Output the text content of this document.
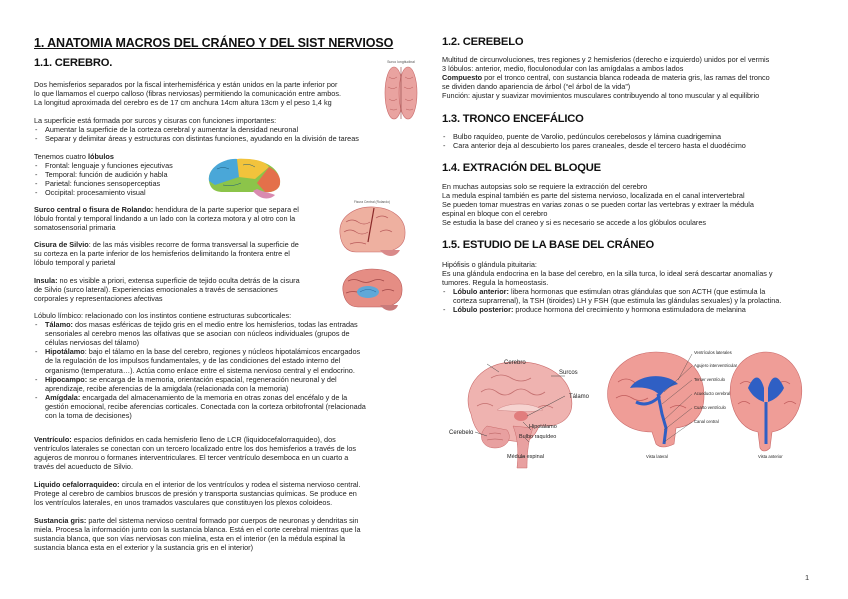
1. ANATOMIA MACROS DEL CRÁNEO Y DEL SIST NERVIOSO
1.1. CEREBRO.

Dos hemisferios separados por la fiscal interhemisférica y están unidos en la parte inferior por

lo que llamamos el cuerpo calloso (fibras nerviosas) permitiendo la comunicación entre ambos.

La longitud aproximada del cerebro es de 17 cm anchura 14cm altura 13cm y el peso 1,4 kg

La superficie está formada por surcos y cisuras con funciones importantes:

- Aumentar la superficie de la corteza cerebral y aumentar la densidad neuronal
- Separar y delimitar áreas y estructuras con distintas funciones, ayudando en la división de tareas

Tenemos cuatro lóbulos

- Frontal: lenguaje y funciones ejecutivas
- Temporal: función de audición y habla
- Parietal: funciones sensoperceptias
- Occipital: procesamiento visual

Surco central o fisura de Rolando: hendidura de la parte superior que separa el

lóbulo frontal y temporal lindando a un lado con la corteza motora y al otro con la

somatosensorial primaria

Cisura de Silvio: de las más visibles recorre de forma transversal la superficie de

su corteza en la parte inferior de los hemisferios delimitando la frontera entre el

lóbulo temporal y parietal

Insula: no es visible a priori, extensa superficie de tejido oculta detrás de la cisura

de Silvio (surco lateral). Experiencias emocionales a través de sensaciones

corporales y representaciones afectivas

Lóbulo límbico: relacionado con los instintos contiene estructuras subcorticales:

- Tálamo: dos masas esféricas de tejido gris en el medio entre los hemisferios, todas las entradas
sensoriales al cerebro menos las olfativas que se asocian con núcleos individuales (grupos de
células nerviosas del tálamo)
- Hipotálamo: bajo el tálamo en la base del cerebro, regiones y núcleos hipotalámicos encargados
de la regulación de los impulsos fundamentales, y de las condiciones del estado interno del
organismo (temperatura…). Actúa como enlace entre el sistema nervioso central y el endocrino.
- Hipocampo: se encarga de la memoria, orientación espacial, regeneración neuronal y del
aprendizaje, recibe aferencias de la amigdala (relacionada con la memoria)
- Amígdala: encargada del almacenamiento de la memoria en otras zonas del encéfalo y de la
gestión emocional, recibe aferencias corticales. Conectada con la corteza orbitofrontal (relacionada
con la toma de decisiones)

Ventrículo: espacios definidos en cada hemisferio lleno de LCR (liquidocefalorraquideo), dos

ventrículos laterales se conectan con un tercero localizado entre los dos hemisferios a través de los

agujeros de monrou o formanes interventriculares. El tercer ventrículo desemboca en un cuarto a

través del acueducto de Silvio.

Liquido cefalorraquideo: circula en el interior de los ventrículos y rodea el sistema nervioso central.

Protege al cerebro de cambios bruscos de presión y transporta sustancias químicas. Se produce en

los ventrículos laterales, en unos tramados vasculares que constituyen los plexos coloideos.

Sustancia gris: parte del sistema nervioso central formado por cuerpos de neuronas y dendritas sin

miela. Procesa la información junto con la sustancia blanca. Está en el corte cerebral mientras que la

sustancia blanca, que son vías nerviosas con mielina, esta en el interior (en la médula espinal la

sustancia blanca esta en el exterior y la sustancia gris en el interior)

Surco longitudinal
Fisura Central (Rolando)
1.2. CEREBELO

Multitud de circunvoluciones, tres regiones y 2 hemisferios (derecho e izquierdo) unidos por el vermis

3 lóbulos: anterior, medio, floculonodular con las amígdalas a ambos lados

Compuesto por el tronco central, con sustancia blanca rodeada de materia gris, las ramas del tronco

se dividen dando apariencia de árbol (“el árbol de la vida”)

Función: ajustar y suavizar movimientos musculares contribuyendo al tono muscular y al equilibrio

1.3. TRONCO ENCEFÁLICO
- Bulbo raquídeo, puente de Varolio, pedúnculos cerebelosos y lámina cuadrigemina
- Cara anterior deja al descubierto los pares craneales, desde el tercero hasta el duodécimo
1.4. EXTRACIÓN DEL BLOQUE

En muchas autopsias solo se requiere la extracción del cerebro

La medula espinal también es parte del sistema nervioso, localizada en el canal intervertebral

Se pueden tomar muestras en varias zonas o se pueden cortar las vertebras y extraer la médula

espinal en bloque con el cerebro

Se estudia la base del craneo y si es necesario se accede a los glóbulos oculares

1.5. ESTUDIO DE LA BASE DEL CRÁNEO

Hipófisis o glándula pituitaria:

Es una glándula endocrina en la base del cerebro, en la silla turca, lo ideal será descartar anomalías y

tumores. Regula la homeostasis.

- Lóbulo anterior: libera hormonas que estimulan otras glándulas que son ACTH (que estimula la
corteza suprarrenal), la TSH (tiroides) LH y FSH (que estimula las glándulas sexuales) y la prolactina.
- Lóbulo posterior: produce hormona del crecimiento y hormona estimuladora de melanina
Cerebro
Surcos
Tálamo
Hipotálamo
Bulbo raquídeo
Cerebelo
Médula espinal
Ventrículos laterales
Agujero interventricular
Tercer ventrículo
Acueducto cerebral
Cuarto ventrículo
Canal central
Vista lateral	Vista anterior
1
